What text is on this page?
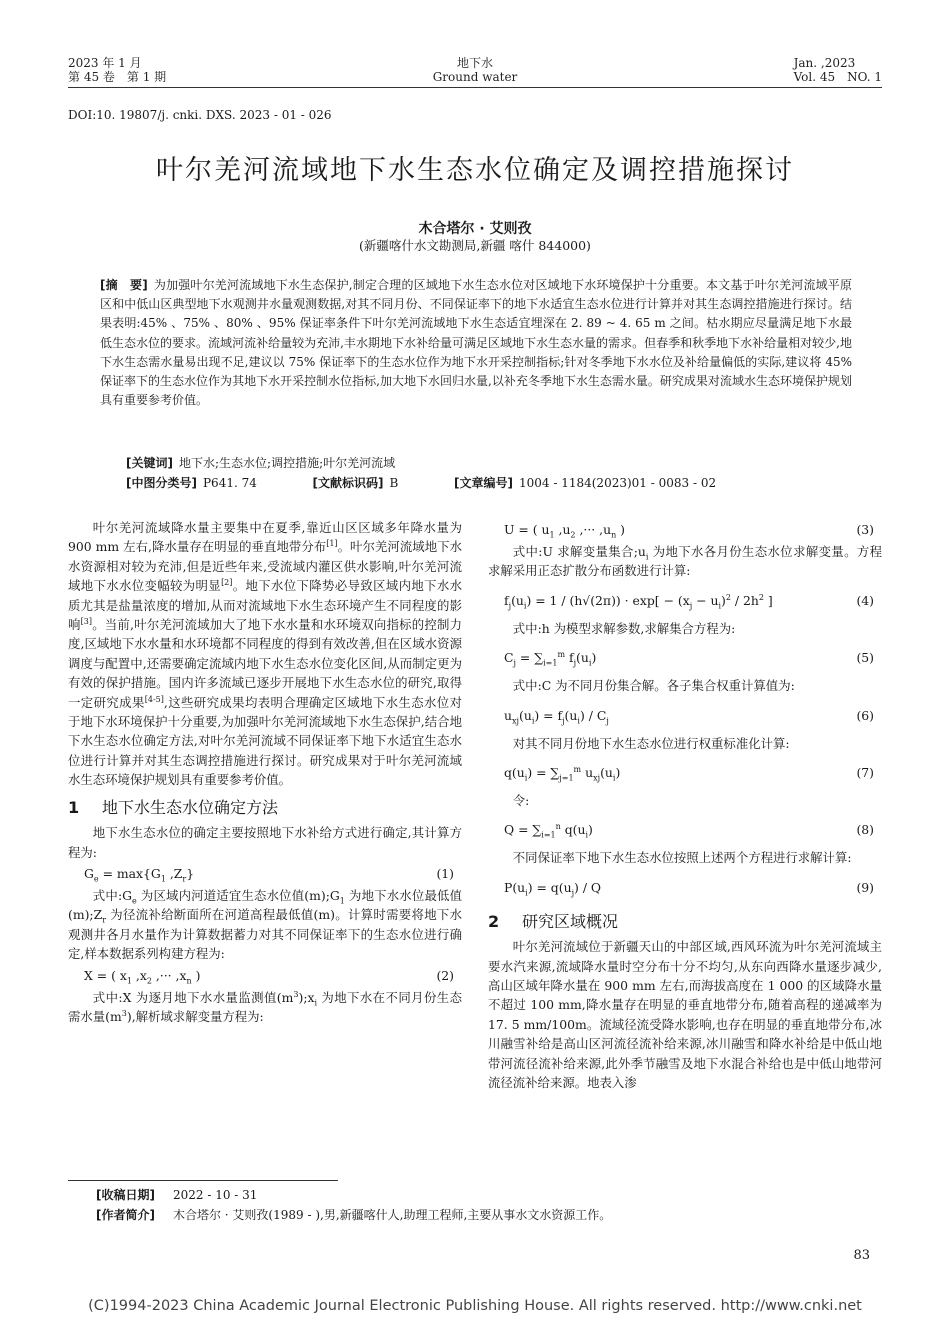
2023 年 1 月
第 45 卷　第 1 期
地下水
Ground water
Jan. ,2023
Vol. 45　NO. 1
DOI:10. 19807/j. cnki. DXS. 2023 - 01 - 026
叶尔羌河流域地下水生态水位确定及调控措施探讨
木合塔尔 · 艾则孜
(新疆喀什水文勘测局,新疆 喀什 844000)
[摘　要] 为加强叶尔羌河流域地下水生态保护,制定合理的区域地下水生态水位对区域地下水环境保护十分重要。本文基于叶尔羌河流域平原区和中低山区典型地下水观测井水量观测数据,对其不同月份、不同保证率下的地下水适宜生态水位进行计算并对其生态调控措施进行探讨。结果表明:45% 、75% 、80% 、95% 保证率条件下叶尔羌河流域地下水生态适宜埋深在 2. 89 ~ 4. 65 m 之间。枯水期应尽量满足地下水最低生态水位的要求。流域河流补给量较为充沛,丰水期地下水补给量可满足区域地下水生态水量的需求。但春季和秋季地下水补给量相对较少,地下水生态需水量易出现不足,建议以 75% 保证率下的生态水位作为地下水开采控制指标;针对冬季地下水水位及补给量偏低的实际,建议将 45% 保证率下的生态水位作为其地下水开采控制水位指标,加大地下水回归水量,以补充冬季地下水生态需水量。研究成果对流域水生态环境保护规划具有重要参考价值。
[关键词] 地下水;生态水位;调控措施;叶尔羌河流域
[中图分类号] P641. 74	[文献标识码] B	[文章编号] 1004 - 1184(2023)01 - 0083 - 02

叶尔羌河流域降水量主要集中在夏季,靠近山区区域多年降水量为 900 mm 左右,降水量存在明显的垂直地带分布[1]。叶尔羌河流域地下水水资源相对较为充沛,但是近些年来,受流域内灌区供水影响,叶尔羌河流域地下水水位变幅较为明显[2]。地下水位下降势必导致区域内地下水水质尤其是盐量浓度的增加,从而对流域地下水生态环境产生不同程度的影响[3]。当前,叶尔羌河流域加大了地下水水量和水环境双向指标的控制力度,区域地下水水量和水环境都不同程度的得到有效改善,但在区域水资源调度与配置中,还需要确定流域内地下水生态水位变化区间,从而制定更为有效的保护措施。国内许多流域已逐步开展地下水生态水位的研究,取得一定研究成果[4-5],这些研究成果均表明合理确定区域地下水生态水位对于地下水环境保护十分重要,为加强叶尔羌河流域地下水生态保护,结合地下水生态水位确定方法,对叶尔羌河流域不同保证率下地下水适宜生态水位进行计算并对其生态调控措施进行探讨。研究成果对于叶尔羌河流域水生态环境保护规划具有重要参考价值。

1 地下水生态水位确定方法

地下水生态水位的确定主要按照地下水补给方式进行确定,其计算方程为:

$G_e = \max\{G_1$ $,Z_r$}	(1)

式中$:G_e$ 为区域内河道适宜生态水位值$(m);G_1$ 为地下水水位最低值$(m);Z_r$ 为径流补给断面所在河道高程最低值(m)。计算时需要将地下水观测井各月水量作为计算数据蓄力对其不同保证率下的生态水位进行确定,样本数据系列构建方程为:

X = ( $x_1$ $,x_2$ ,··· $,x_n$ )	(2)

式中:X 为逐月地下水水量监测值$(m^3);x_i$ 为地下水在不同月份生态需水量$(m^3)$,解析域求解变量方程为:

U = ( $u_1$ $,u_2$ ,··· $,u_n$ )	(3)

式中:U 求解变量集合$;u_i$ 为地下水各月份生态水位求解变量。方程求解采用正态扩散分布函数进行计算:

$f_j(u_i) = 1 / (h√(2\pi)) \cdot \exp[ - (x_j - u_i)^2 / 2h^2$ ]	(4)

式中:h 为模型求解参数,求解集合方程为:

$C_j = \sum_{i=1}^m$ $f_j(u_i)$	(5)

式中:C 为不同月份集合解。各子集合权重计算值为:

$u_{xj}(u_i) = f_j(u_i) / C_j$	(6)

对其不同月份地下水生态水位进行权重标准化计算:

$q(u_i) = \sum_{j=1}^m$ $u_{xj}(u_i)$	(7)

令:

$Q = \sum_{i=1}^n$ $q(u_i)$	(8)

不同保证率下地下水生态水位按照上述两个方程进行求解计算:

$P(u_i) = q(u_j) / Q$	(9)
2 研究区域概况

叶尔羌河流域位于新疆天山的中部区域,西风环流为叶尔羌河流域主要水汽来源,流域降水量时空分布十分不均匀,从东向西降水量逐步减少,高山区域年降水量在 900 mm 左右,而海拔高度在 1 000 的区域降水量不超过 100 mm,降水量存在明显的垂直地带分布,随着高程的递减率为 17. 5 mm/100m。流域径流受降水影响,也存在明显的垂直地带分布,冰川融雪补给是高山区河流径流补给来源,冰川融雪和降水补给是中低山地带河流径流补给来源,此外季节融雪及地下水混合补给也是中低山地带河流径流补给来源。地表入渗

[收稿日期] 2022 - 10 - 31
[作者简介] 木合塔尔 · 艾则孜(1989 - ),男,新疆喀什人,助理工程师,主要从事水文水资源工作。
83
(C)1994-2023 China Academic Journal Electronic Publishing House. All rights reserved. http://www.cnki.net
